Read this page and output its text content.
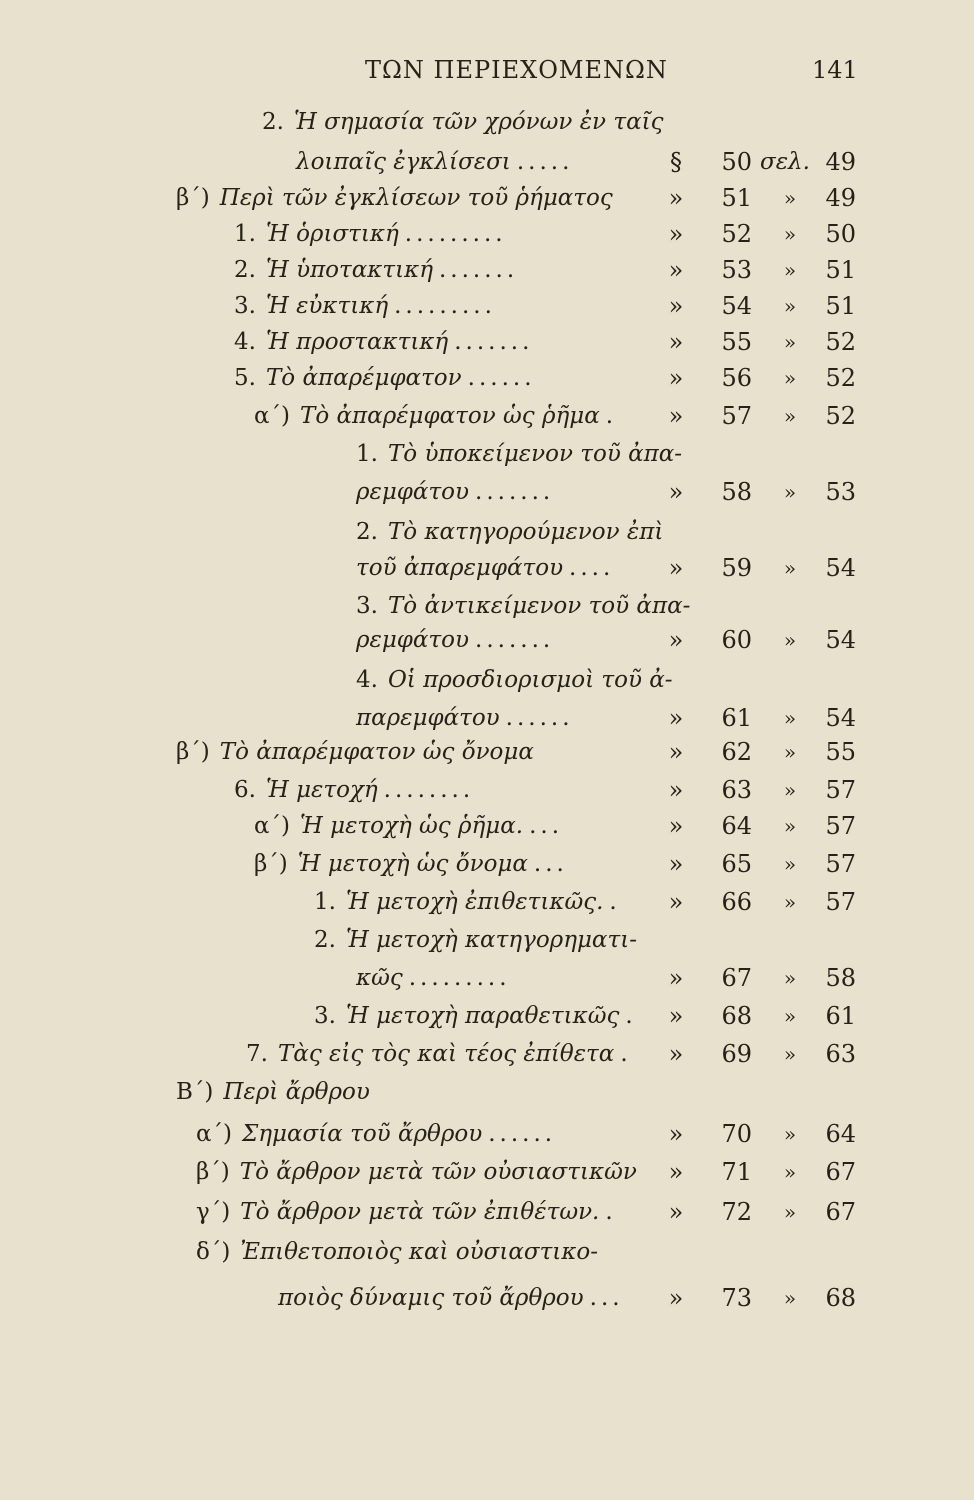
ΤΩΝ ΠΕΡΙΕΧΟΜΕΝΩΝ	141
2. Ἡ σημασία τῶν χρόνων ἐν ταῖς
λοιπαῖς ἐγκλίσεσι .....	§ 50 σελ. 49
β΄) Περὶ τῶν ἐγκλίσεων τοῦ ῥήματος » 51 » 49
1. Ἡ ὁριστική .........	» 52 » 50
2. Ἡ ὑποτακτική .......	» 53 » 51
3. Ἡ εὐκτική .........	» 54 » 51
4. Ἡ προστακτική .......	» 55 » 52
5. Τὸ ἀπαρέμφατον ......	» 56 » 52
α΄) Τὸ ἀπαρέμφατον ὡς ῥῆμα . » 57 » 52
1. Τὸ ὑποκείμενον τοῦ ἀπα-
ρεμφάτου .......	» 58 » 53
2. Τὸ κατηγορούμενον ἐπὶ
τοῦ ἀπαρεμφάτου .... » 59 » 54
3. Τὸ ἀντικείμενον τοῦ ἀπα-
ρεμφάτου .......	» 60 » 54
4. Οἱ προσδιορισμοὶ τοῦ ἀ-
παρεμφάτου ......	» 61 » 54
β΄) Τὸ ἀπαρέμφατον ὡς ὄνομα	» 62 » 55
6. Ἡ μετοχή ........	» 63 » 57
α΄) Ἡ μετοχὴ ὡς ῥῆμα. ...	» 64 » 57
β΄) Ἡ μετοχὴ ὡς ὄνομα ...	» 65 » 57
1. Ἡ μετοχὴ ἐπιθετικῶς. . » 66 » 57
2. Ἡ μετοχὴ κατηγορηματι-
κῶς .........	» 67 » 58
3. Ἡ μετοχὴ παραθετικῶς . » 68 » 61
7. Τὰς εἰς τὸς καὶ τέος ἐπίθετα . » 69 » 63
Β΄) Περὶ ἄρθρου
α΄) Σημασία τοῦ ἄρθρου ......	» 70 » 64
β΄) Τὸ ἄρθρον μετὰ τῶν οὐσιαστικῶν » 71 » 67
γ΄) Τὸ ἄρθρον μετὰ τῶν ἐπιθέτων. . » 72 » 67
δ΄) Ἐπιθετοποιὸς καὶ οὐσιαστικο-
ποιὸς δύναμις τοῦ ἄρθρου ... » 73 » 68
